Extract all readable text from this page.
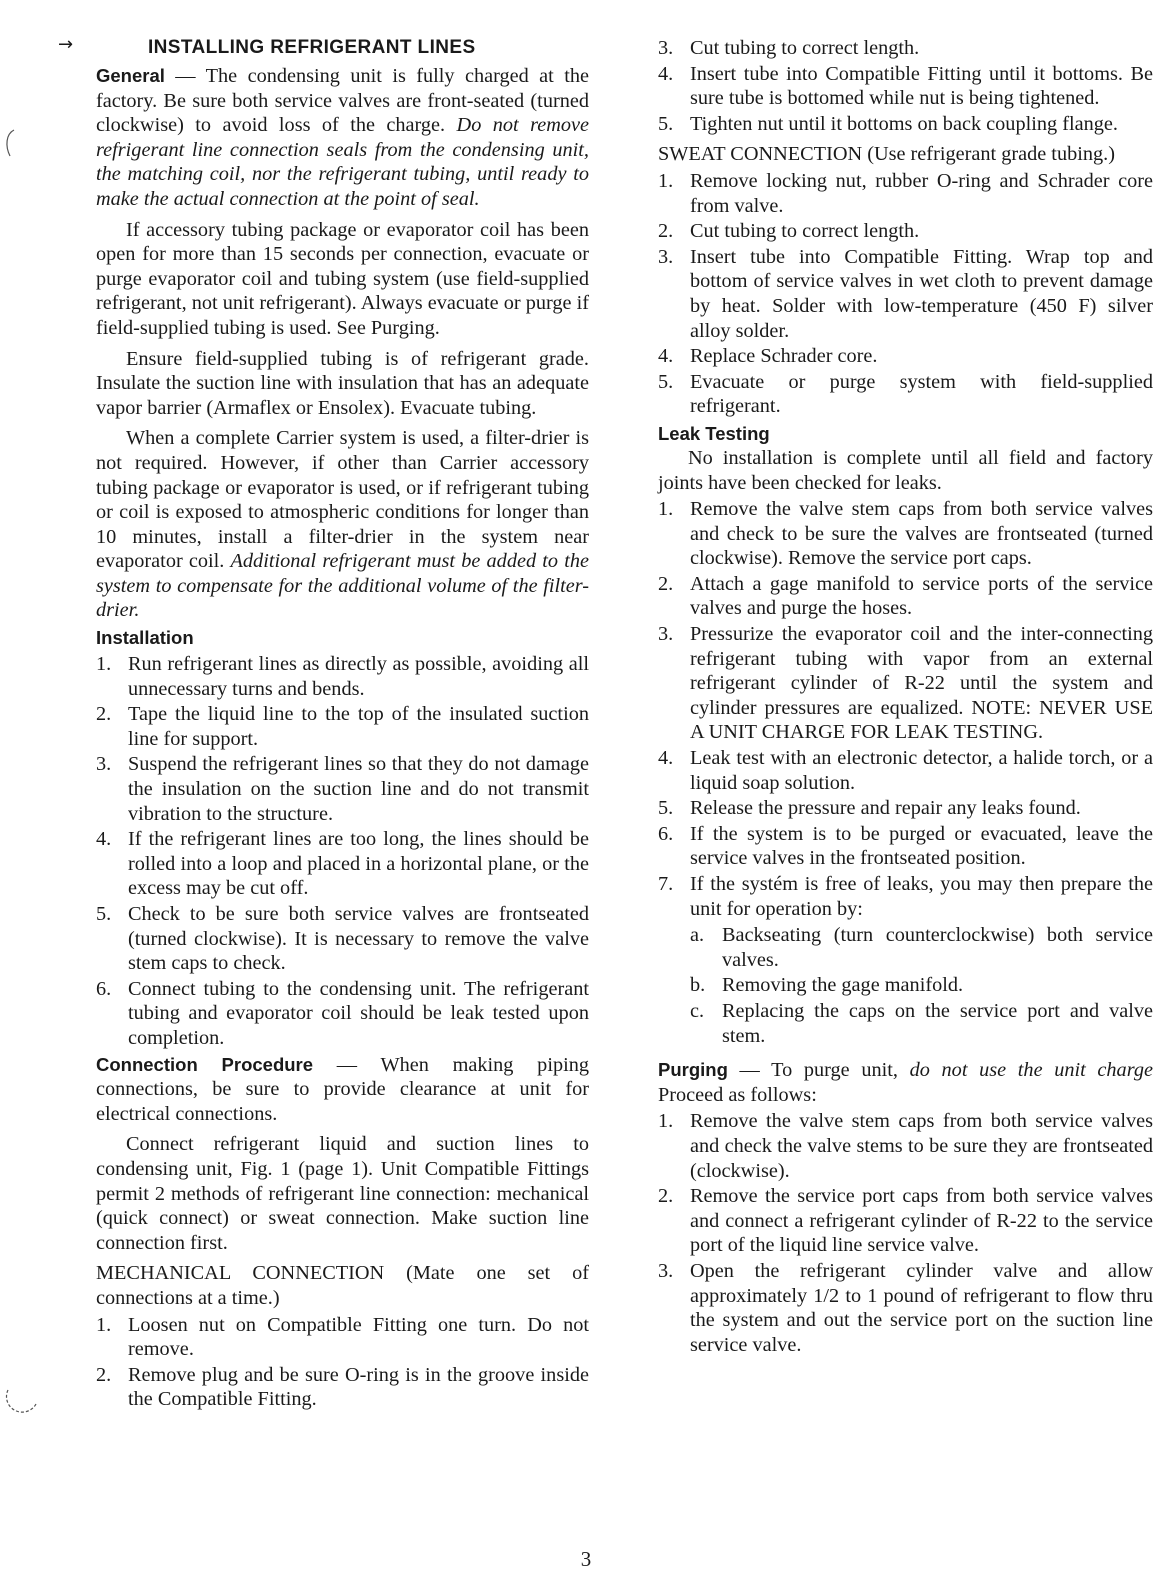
→	INSTALLING REFRIGERANT LINES

General — The condensing unit is fully charged at the factory. Be sure both service valves are front-seated (turned clockwise) to avoid loss of the charge. Do not remove refrigerant line connection seals from the condensing unit, the matching coil, nor the refrigerant tubing, until ready to make the actual connection at the point of seal.

If accessory tubing package or evaporator coil has been open for more than 15 seconds per connection, evacuate or purge evaporator coil and tubing system (use field-supplied refrigerant, not unit refrigerant). Always evacuate or purge if field-supplied tubing is used. See Purging.

Ensure field-supplied tubing is of refrigerant grade. Insulate the suction line with insulation that has an adequate vapor barrier (Armaflex or Ensolex). Evacuate tubing.

When a complete Carrier system is used, a filter-drier is not required. However, if other than Carrier accessory tubing package or evaporator is used, or if refrigerant tubing or coil is exposed to atmospheric conditions for longer than 10 minutes, install a filter-drier in the system near evaporator coil. Additional refrigerant must be added to the system to compensate for the additional volume of the filter-drier.

Installation
1. Run refrigerant lines as directly as possible, avoiding all unnecessary turns and bends.
2. Tape the liquid line to the top of the insulated suction line for support.
3. Suspend the refrigerant lines so that they do not damage the insulation on the suction line and do not transmit vibration to the structure.
4. If the refrigerant lines are too long, the lines should be rolled into a loop and placed in a horizontal plane, or the excess may be cut off.
5. Check to be sure both service valves are frontseated (turned clockwise). It is necessary to remove the valve stem caps to check.
6. Connect tubing to the condensing unit. The refrigerant tubing and evaporator coil should be leak tested upon completion.

Connection Procedure — When making piping connections, be sure to provide clearance at unit for electrical connections.

Connect refrigerant liquid and suction lines to condensing unit, Fig. 1 (page 1). Unit Compatible Fittings permit 2 methods of refrigerant line connection: mechanical (quick connect) or sweat connection. Make suction line connection first.

MECHANICAL CONNECTION (Mate one set of connections at a time.)

1. Loosen nut on Compatible Fitting one turn. Do not remove.
2. Remove plug and be sure O-ring is in the groove inside the Compatible Fitting.
3. Cut tubing to correct length.
4. Insert tube into Compatible Fitting until it bottoms. Be sure tube is bottomed while nut is being tightened.
5. Tighten nut until it bottoms on back coupling flange.

SWEAT CONNECTION (Use refrigerant grade tubing.)

1. Remove locking nut, rubber O-ring and Schrader core from valve.
2. Cut tubing to correct length.
3. Insert tube into Compatible Fitting. Wrap top and bottom of service valves in wet cloth to prevent damage by heat. Solder with low-temperature (450 F) silver alloy solder.
4. Replace Schrader core.
5. Evacuate or purge system with field-supplied refrigerant.
Leak Testing

No installation is complete until all field and factory joints have been checked for leaks.

1. Remove the valve stem caps from both service valves and check to be sure the valves are frontseated (turned clockwise). Remove the service port caps.
2. Attach a gage manifold to service ports of the service valves and purge the hoses.
3. Pressurize the evaporator coil and the inter-connecting refrigerant tubing with vapor from an external refrigerant cylinder of R-22 until the system and cylinder pressures are equalized. NOTE: NEVER USE A UNIT CHARGE FOR LEAK TESTING.
4. Leak test with an electronic detector, a halide torch, or a liquid soap solution.
5. Release the pressure and repair any leaks found.
6. If the system is to be purged or evacuated, leave the service valves in the frontseated position.
7. If the systém is free of leaks, you may then prepare the unit for operation by:
a. Backseating (turn counterclockwise) both service valves.
b. Removing the gage manifold.
c. Replacing the caps on the service port and valve stem.

Purging — To purge unit, do not use the unit charge Proceed as follows:

1. Remove the valve stem caps from both service valves and check the valve stems to be sure they are frontseated (clockwise).
2. Remove the service port caps from both service valves and connect a refrigerant cylinder of R-22 to the service port of the liquid line service valve.
3. Open the refrigerant cylinder valve and allow approximately 1/2 to 1 pound of refrigerant to flow thru the system and out the service port on the suction line service valve.
3
